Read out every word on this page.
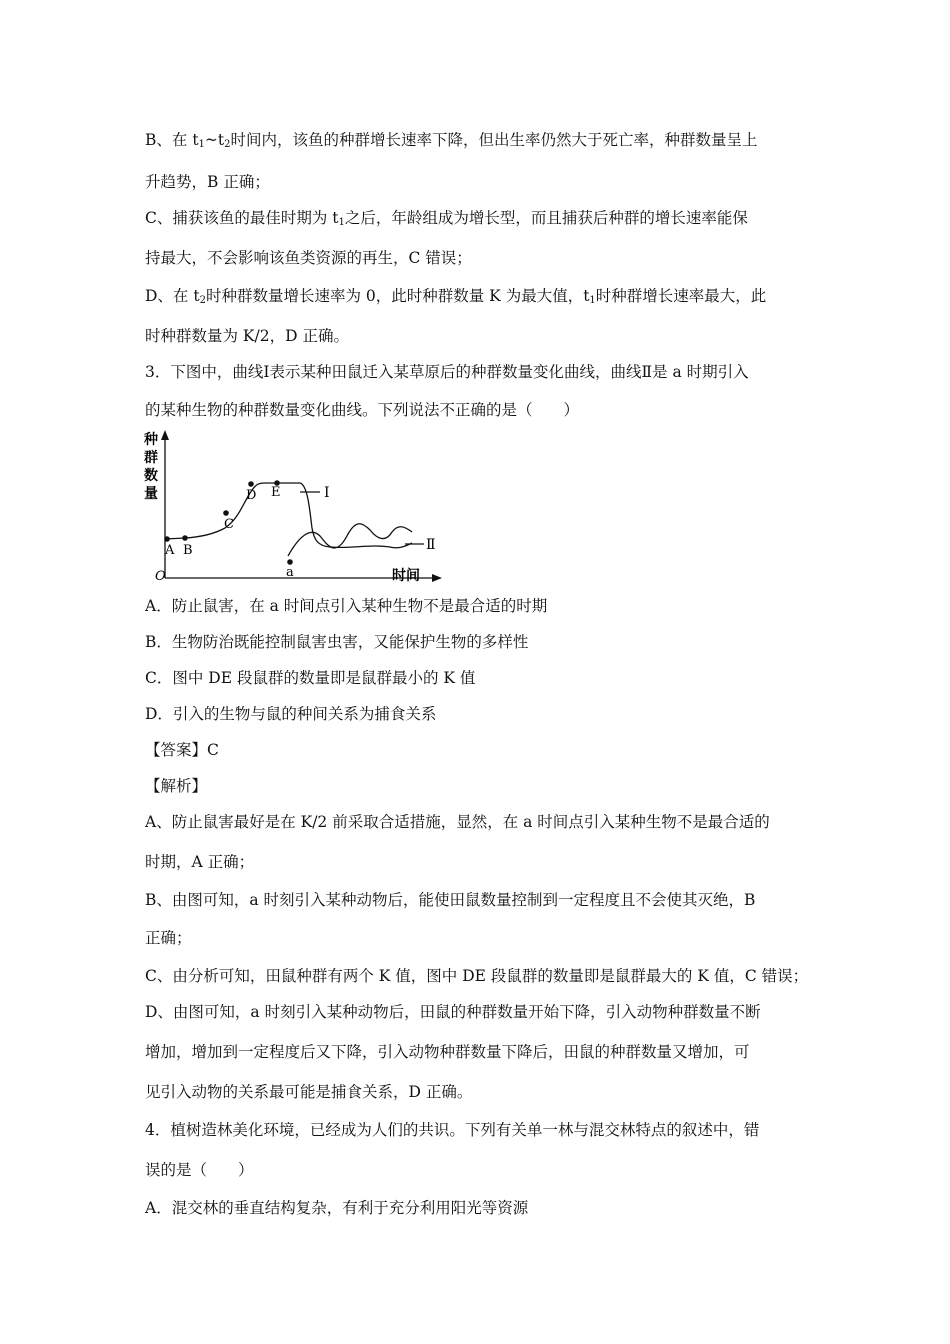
B、在 $t_1\sim t_2$时间内，该鱼的种群增长速率下降，但出生率仍然大于死亡率，种群数量呈上
升趋势，B 正确；
C、捕获该鱼的最佳时期为 $t_1$之后，年龄组成为增长型，而且捕获后种群的增长速率能保
持最大，不会影响该鱼类资源的再生，C 错误；
D、在 $t_2$时种群数量增长速率为 0，此时种群数量 K 为最大值，$t_1$时种群增长速率最大，此
时种群数量为 K/2，D 正确。
3．下图中，曲线Ⅰ表示某种田鼠迁入某草原后的种群数量变化曲线，曲线Ⅱ是 a 时期引入
的某种生物的种群数量变化曲线。下列说法不正确的是（　　）
种
群
数
量
O	时间
Ⅰ
Ⅱ
A B
C
D E
a
A．防止鼠害，在 a 时间点引入某种生物不是最合适的时期
B．生物防治既能控制鼠害虫害，又能保护生物的多样性
C．图中 DE 段鼠群的数量即是鼠群最小的 K 值
D．引入的生物与鼠的种间关系为捕食关系
【答案】C
【解析】
A、防止鼠害最好是在 K/2 前采取合适措施，显然，在 a 时间点引入某种生物不是最合适的
时期，A 正确；
B、由图可知，a 时刻引入某种动物后，能使田鼠数量控制到一定程度且不会使其灭绝，B
正确；
C、由分析可知，田鼠种群有两个 K 值，图中 DE 段鼠群的数量即是鼠群最大的 K 值，C 错误；
D、由图可知，a 时刻引入某种动物后，田鼠的种群数量开始下降，引入动物种群数量不断
增加，增加到一定程度后又下降，引入动物种群数量下降后，田鼠的种群数量又增加，可
见引入动物的关系最可能是捕食关系，D 正确。
4．植树造林美化环境，已经成为人们的共识。下列有关单一林与混交林特点的叙述中，错
误的是（　　）
A．混交林的垂直结构复杂，有利于充分利用阳光等资源
